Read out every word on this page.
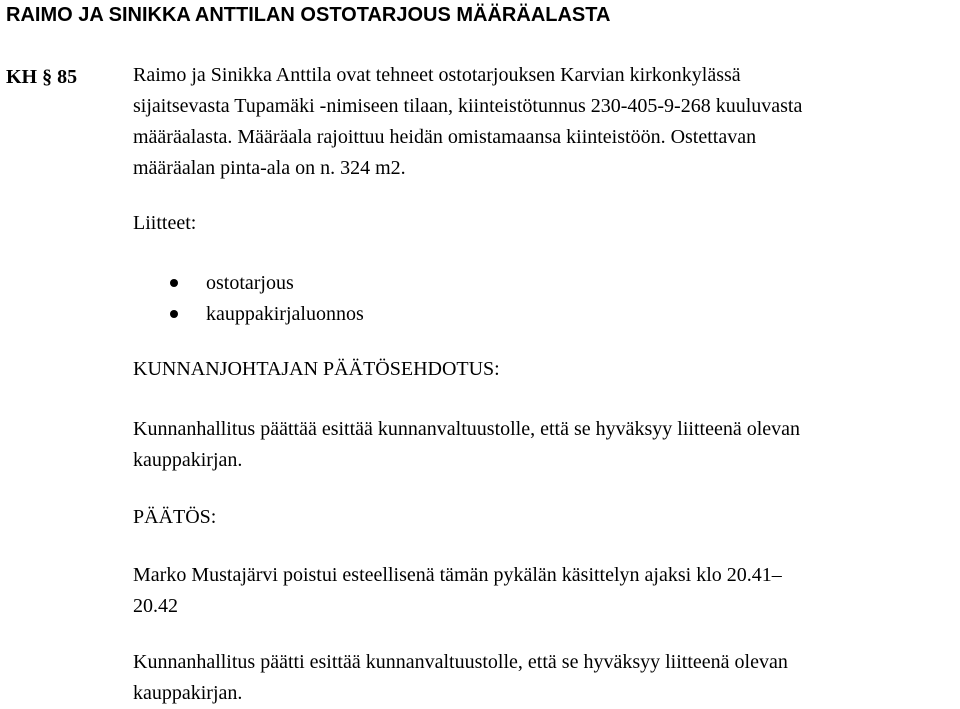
RAIMO JA SINIKKA ANTTILAN OSTOTARJOUS MÄÄRÄALASTA
KH § 85	Raimo ja Sinikka Anttila ovat tehneet ostotarjouksen Karvian kirkonkylässä
sijaitsevasta Tupamäki -nimiseen tilaan, kiinteistötunnus 230-405-9-268 kuuluvasta
määräalasta. Määräala rajoittuu heidän omistamaansa kiinteistöön. Ostettavan
määräalan pinta-ala on n. 324 m2.

Liitteet:

ostotarjous
kauppakirjaluonnos

KUNNANJOHTAJAN PÄÄTÖSEHDOTUS:

Kunnanhallitus päättää esittää kunnanvaltuustolle, että se hyväksyy liitteenä olevan
kauppakirjan.

PÄÄTÖS:

Marko Mustajärvi poistui esteellisenä tämän pykälän käsittelyn ajaksi klo 20.41–
20.42

Kunnanhallitus päätti esittää kunnanvaltuustolle, että se hyväksyy liitteenä olevan
kauppakirjan.
